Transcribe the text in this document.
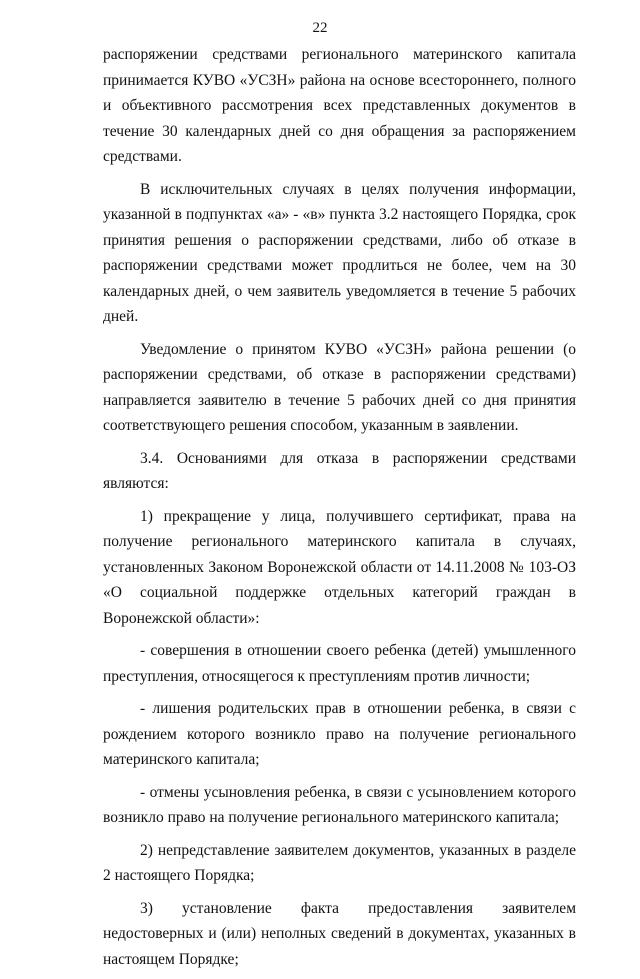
22

распоряжении средствами регионального материнского капитала принимается КУВО «УСЗН» района на основе всестороннего, полного и объективного рассмотрения всех представленных документов в течение 30 календарных дней со дня обращения за распоряжением средствами.

В исключительных случаях в целях получения информации, указанной в подпунктах «а» - «в» пункта 3.2 настоящего Порядка, срок принятия решения о распоряжении средствами, либо об отказе в распоряжении средствами может продлиться не более, чем на 30 календарных дней, о чем заявитель уведомляется в течение 5 рабочих дней.

Уведомление о принятом КУВО «УСЗН» района решении (о распоряжении средствами, об отказе в распоряжении средствами) направляется заявителю в течение 5 рабочих дней со дня принятия соответствующего решения способом, указанным в заявлении.

3.4. Основаниями для отказа в распоряжении средствами являются:

1) прекращение у лица, получившего сертификат, права на получение регионального материнского капитала в случаях, установленных Законом Воронежской области от 14.11.2008 № 103-ОЗ «О социальной поддержке отдельных категорий граждан в Воронежской области»:

- совершения в отношении своего ребенка (детей) умышленного преступления, относящегося к преступлениям против личности;

- лишения родительских прав в отношении ребенка, в связи с рождением которого возникло право на получение регионального материнского капитала;

- отмены усыновления ребенка, в связи с усыновлением которого возникло право на получение регионального материнского капитала;

2) непредставление заявителем документов, указанных в разделе 2 настоящего Порядка;

3) установление факта предоставления заявителем недостоверных и (или) неполных сведений в документах, указанных в настоящем Порядке;
